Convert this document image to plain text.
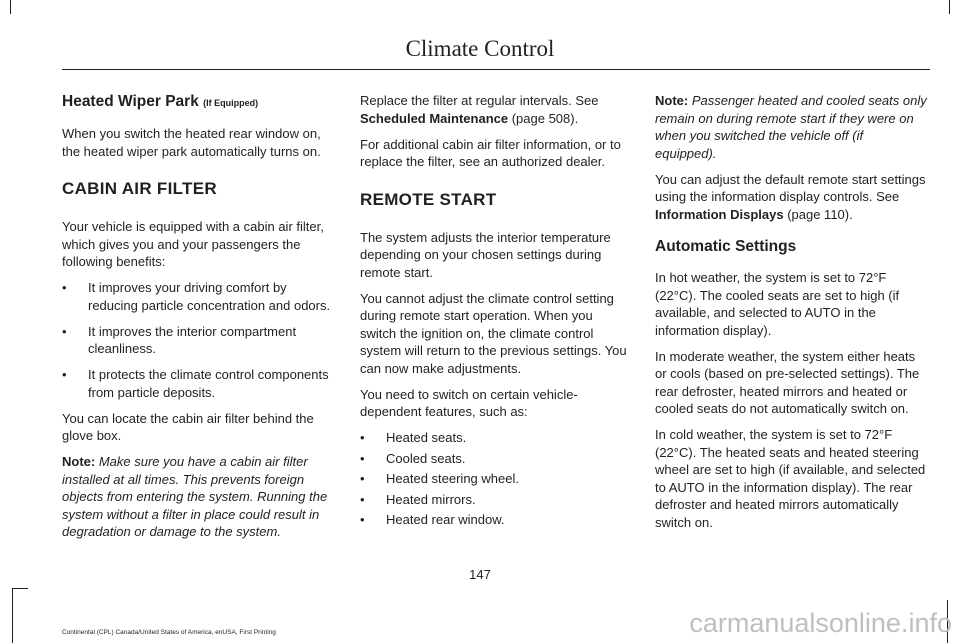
Climate Control
Heated Wiper Park (If Equipped)

When you switch the heated rear window on, the heated wiper park automatically turns on.

CABIN AIR FILTER

Your vehicle is equipped with a cabin air filter, which gives you and your passengers the following benefits:

• It improves your driving comfort by reducing particle concentration and odors.
• It improves the interior compartment cleanliness.
• It protects the climate control components from particle deposits.

You can locate the cabin air filter behind the glove box.

Note: Make sure you have a cabin air filter installed at all times. This prevents foreign objects from entering the system. Running the system without a filter in place could result in degradation or damage to the system.

Replace the filter at regular intervals. See Scheduled Maintenance (page 508).

For additional cabin air filter information, or to replace the filter, see an authorized dealer.

REMOTE START

The system adjusts the interior temperature depending on your chosen settings during remote start.

You cannot adjust the climate control setting during remote start operation. When you switch the ignition on, the climate control system will return to the previous settings. You can now make adjustments.

You need to switch on certain vehicle-dependent features, such as:

• Heated seats.
• Cooled seats.
• Heated steering wheel.
• Heated mirrors.
• Heated rear window.

Note: Passenger heated and cooled seats only remain on during remote start if they were on when you switched the vehicle off (if equipped).

You can adjust the default remote start settings using the information display controls. See Information Displays (page 110).

Automatic Settings

In hot weather, the system is set to 72°F (22°C). The cooled seats are set to high (if available, and selected to AUTO in the information display).

In moderate weather, the system either heats or cools (based on pre-selected settings). The rear defroster, heated mirrors and heated or cooled seats do not automatically switch on.

In cold weather, the system is set to 72°F (22°C). The heated seats and heated steering wheel are set to high (if available, and selected to AUTO in the information display). The rear defroster and heated mirrors automatically switch on.

147
Continental (CPL) Canada/United States of America, enUSA, First Printing	carmanualsonline.info
